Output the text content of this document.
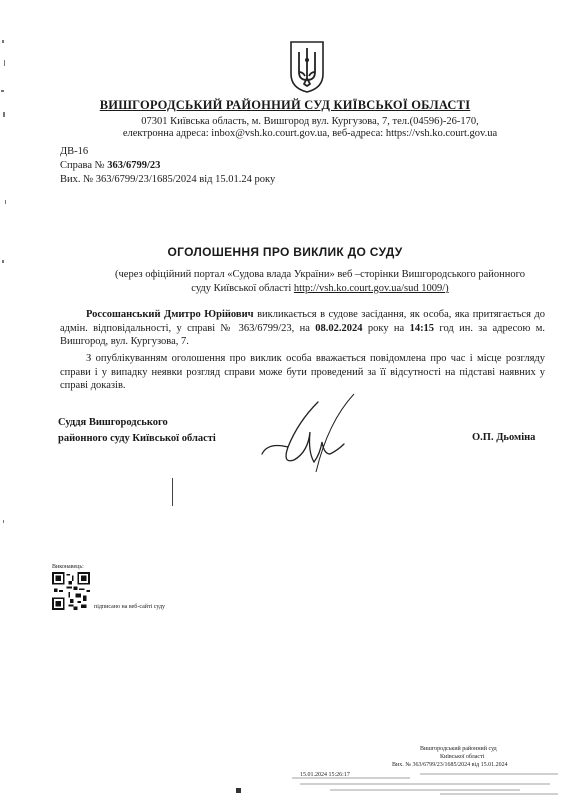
ВИШГОРОДСЬКИЙ РАЙОННИЙ СУД КИЇВСЬКОЇ ОБЛАСТІ
07301 Київська область, м. Вишгород вул. Кургузова, 7, тел.(04596)-26-170,
електронна адреса: inbox@vsh.ko.court.gov.ua, веб-адреса: https://vsh.ko.court.gov.ua
ДВ-16
Справа № 363/6799/23
Вих. № 363/6799/23/1685/2024 від 15.01.24 року
ОГОЛОШЕННЯ ПРО ВИКЛИК ДО СУДУ
(через офіційний портал «Судова влада України» веб –сторінки Вишгородського районного
суду Київської області http://vsh.ko.court.gov.ua/sud 1009/)
Россошанський Дмитро Юрійович викликається в судове засідання, як особа, яка притягається до адмін. відповідальності, у справі № 363/6799/23, на 08.02.2024 року на 14:15 год ин. за адресою м. Вишгород, вул. Кургузова, 7.
З опублікуванням оголошення про виклик особа вважається повідомлена про час і місце розгляду справи і у випадку неявки розгляд справи може бути проведений за її відсутності на підставі наявних у справі доказів.
Суддя Вишгородського
районного суду Київської області	О.П. Дьоміна
Виконавець:
підписано на веб-сайті суду
Вишгородський районний суд
Київської області
Вих. № 363/6799/23/1685/2024 від 15.01.2024
15.01.2024 15:26:17
